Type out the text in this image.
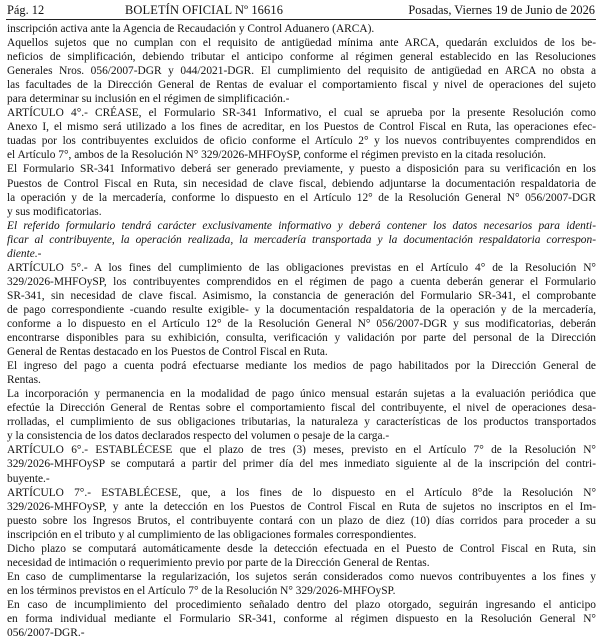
Pág. 12	BOLETÍN OFICIAL Nº 16616	Posadas, Viernes 19 de Junio de 2026
inscripción activa ante la Agencia de Recaudación y Control Aduanero (ARCA).
Aquellos sujetos que no cumplan con el requisito de antigüedad mínima ante ARCA, quedarán excluidos de los be-
neficios de simplificación, debiendo tributar el anticipo conforme al régimen general establecido en las Resoluciones
Generales Nros. 056/2007-DGR y 044/2021-DGR. El cumplimiento del requisito de antigüedad en ARCA no obsta a
las facultades de la Dirección General de Rentas de evaluar el comportamiento fiscal y nivel de operaciones del sujeto
para determinar su inclusión en el régimen de simplificación.-
ARTÍCULO 4°.- CRÉASE, el Formulario SR-341 Informativo, el cual se aprueba por la presente Resolución como
Anexo I, el mismo será utilizado a los fines de acreditar, en los Puestos de Control Fiscal en Ruta, las operaciones efec-
tuadas por los contribuyentes excluidos de oficio conforme el Artículo 2° y los nuevos contribuyentes comprendidos en
el Artículo 7°, ambos de la Resolución N° 329/2026-MHFOySP, conforme el régimen previsto en la citada resolución.
El Formulario SR-341 Informativo deberá ser generado previamente, y puesto a disposición para su verificación en los
Puestos de Control Fiscal en Ruta, sin necesidad de clave fiscal, debiendo adjuntarse la documentación respaldatoria de
la operación y de la mercadería, conforme lo dispuesto en el Artículo 12° de la Resolución General N° 056/2007-DGR
y sus modificatorias.
El referido formulario tendrá carácter exclusivamente informativo y deberá contener los datos necesarios para identi-
ficar al contribuyente, la operación realizada, la mercadería transportada y la documentación respaldatoria correspon-
diente.-
ARTÍCULO 5°.- A los fines del cumplimiento de las obligaciones previstas en el Artículo 4° de la Resolución N°
329/2026-MHFOySP, los contribuyentes comprendidos en el régimen de pago a cuenta deberán generar el Formulario
SR-341, sin necesidad de clave fiscal. Asimismo, la constancia de generación del Formulario SR-341, el comprobante
de pago correspondiente -cuando resulte exigible- y la documentación respaldatoria de la operación y de la mercadería,
conforme a lo dispuesto en el Artículo 12° de la Resolución General N° 056/2007-DGR y sus modificatorias, deberán
encontrarse disponibles para su exhibición, consulta, verificación y validación por parte del personal de la Dirección
General de Rentas destacado en los Puestos de Control Fiscal en Ruta.
El ingreso del pago a cuenta podrá efectuarse mediante los medios de pago habilitados por la Dirección General de
Rentas.
La incorporación y permanencia en la modalidad de pago único mensual estarán sujetas a la evaluación periódica que
efectúe la Dirección General de Rentas sobre el comportamiento fiscal del contribuyente, el nivel de operaciones desa-
rrolladas, el cumplimiento de sus obligaciones tributarias, la naturaleza y características de los productos transportados
y la consistencia de los datos declarados respecto del volumen o pesaje de la carga.-
ARTÍCULO 6°.- ESTABLÉCESE que el plazo de tres (3) meses, previsto en el Artículo 7° de la Resolución N°
329/2026-MHFOySP se computará a partir del primer día del mes inmediato siguiente al de la inscripción del contri-
buyente.-
ARTÍCULO 7°.- ESTABLÉCESE, que, a los fines de lo dispuesto en el Artículo 8°de la Resolución N°
329/2026-MHFOySP, y ante la detección en los Puestos de Control Fiscal en Ruta de sujetos no inscriptos en el Im-
puesto sobre los Ingresos Brutos, el contribuyente contará con un plazo de diez (10) días corridos para proceder a su
inscripción en el tributo y al cumplimiento de las obligaciones formales correspondientes.
Dicho plazo se computará automáticamente desde la detección efectuada en el Puesto de Control Fiscal en Ruta, sin
necesidad de intimación o requerimiento previo por parte de la Dirección General de Rentas.
En caso de cumplimentarse la regularización, los sujetos serán considerados como nuevos contribuyentes a los fines y
en los términos previstos en el Artículo 7° de la Resolución N° 329/2026-MHFOySP.
En caso de incumplimiento del procedimiento señalado dentro del plazo otorgado, seguirán ingresando el anticipo
en forma individual mediante el Formulario SR-341, conforme al régimen dispuesto en la Resolución General N°
056/2007-DGR.-
